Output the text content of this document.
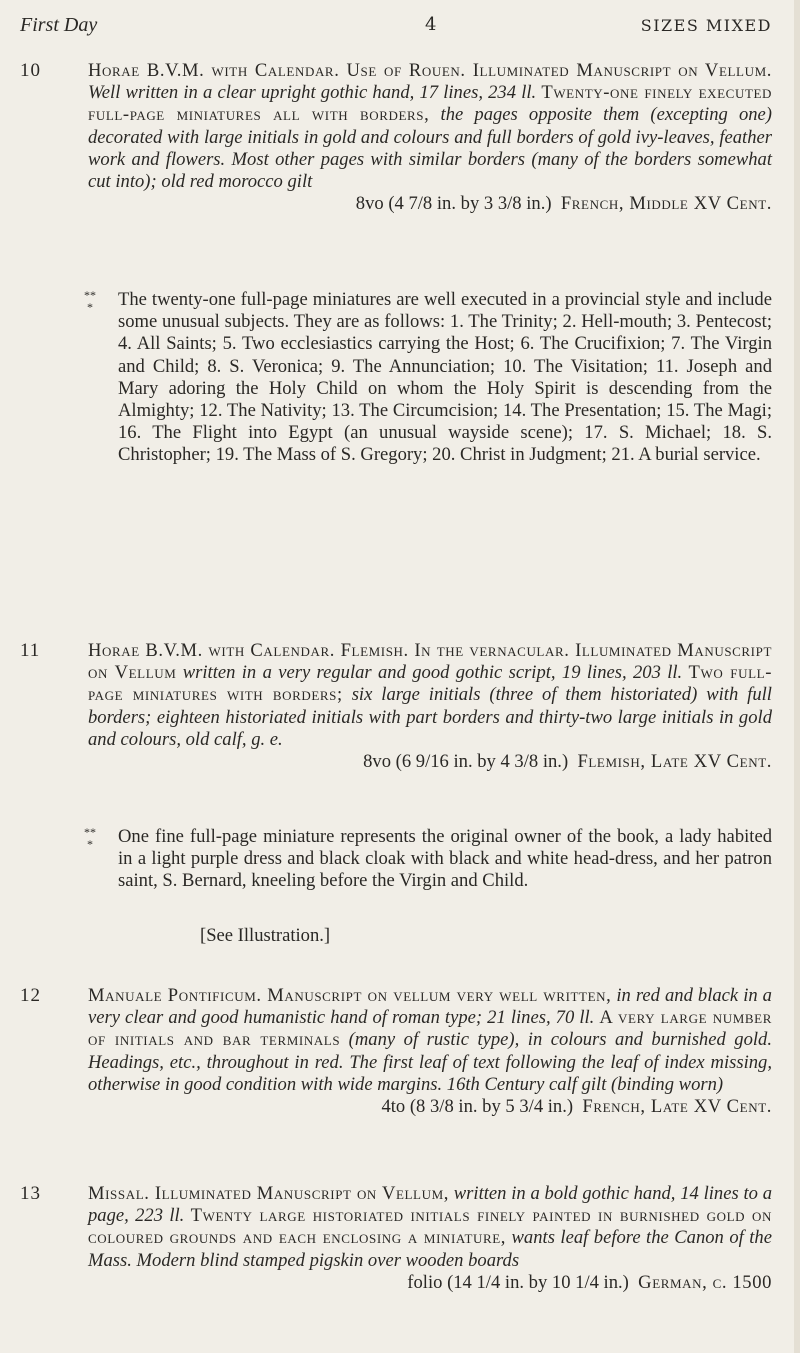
First Day	4	SIZES MIXED
10	Horae B.V.M. with Calendar. Use of Rouen. Illuminated Manuscript on Vellum. Well written in a clear upright gothic hand, 17 lines, 234 ll. Twenty-one finely executed full-page miniatures all with borders, the pages opposite them (excepting one) decorated with large initials in gold and colours and full borders of gold ivy-leaves, feather work and flowers. Most other pages with similar borders (many of the borders somewhat cut into); old red morocco gilt
8vo (4 7/8 in. by 3 3/8 in.) French, Middle XV Cent.
**
*	The twenty-one full-page miniatures are well executed in a provincial style and include some unusual subjects. They are as follows: 1. The Trinity; 2. Hell-mouth; 3. Pentecost; 4. All Saints; 5. Two ecclesiastics carrying the Host; 6. The Crucifixion; 7. The Virgin and Child; 8. S. Veronica; 9. The Annunciation; 10. The Visitation; 11. Joseph and Mary adoring the Holy Child on whom the Holy Spirit is descending from the Almighty; 12. The Nativity; 13. The Circumcision; 14. The Presentation; 15. The Magi; 16. The Flight into Egypt (an unusual wayside scene); 17. S. Michael; 18. S. Christopher; 19. The Mass of S. Gregory; 20. Christ in Judgment; 21. A burial service.
11	Horae B.V.M. with Calendar. Flemish. In the vernacular. Illuminated Manuscript on Vellum written in a very regular and good gothic script, 19 lines, 203 ll. Two full-page miniatures with borders; six large initials (three of them historiated) with full borders; eighteen historiated initials with part borders and thirty-two large initials in gold and colours, old calf, g. e.
8vo (6 9/16 in. by 4 3/8 in.) Flemish, Late XV Cent.
**
*	One fine full-page miniature represents the original owner of the book, a lady habited in a light purple dress and black cloak with black and white head-dress, and her patron saint, S. Bernard, kneeling before the Virgin and Child.
[See Illustration.]
12	Manuale Pontificum. Manuscript on vellum very well written, in red and black in a very clear and good humanistic hand of roman type; 21 lines, 70 ll. A very large number of initials and bar terminals (many of rustic type), in colours and burnished gold. Headings, etc., throughout in red. The first leaf of text following the leaf of index missing, otherwise in good condition with wide margins. 16th Century calf gilt (binding worn)
4to (8 3/8 in. by 5 3/4 in.) French, Late XV Cent.
13	Missal. Illuminated Manuscript on Vellum, written in a bold gothic hand, 14 lines to a page, 223 ll. Twenty large historiated initials finely painted in burnished gold on coloured grounds and each enclosing a miniature, wants leaf before the Canon of the Mass. Modern blind stamped pigskin over wooden boards
folio (14 1/4 in. by 10 1/4 in.) German, c. 1500
